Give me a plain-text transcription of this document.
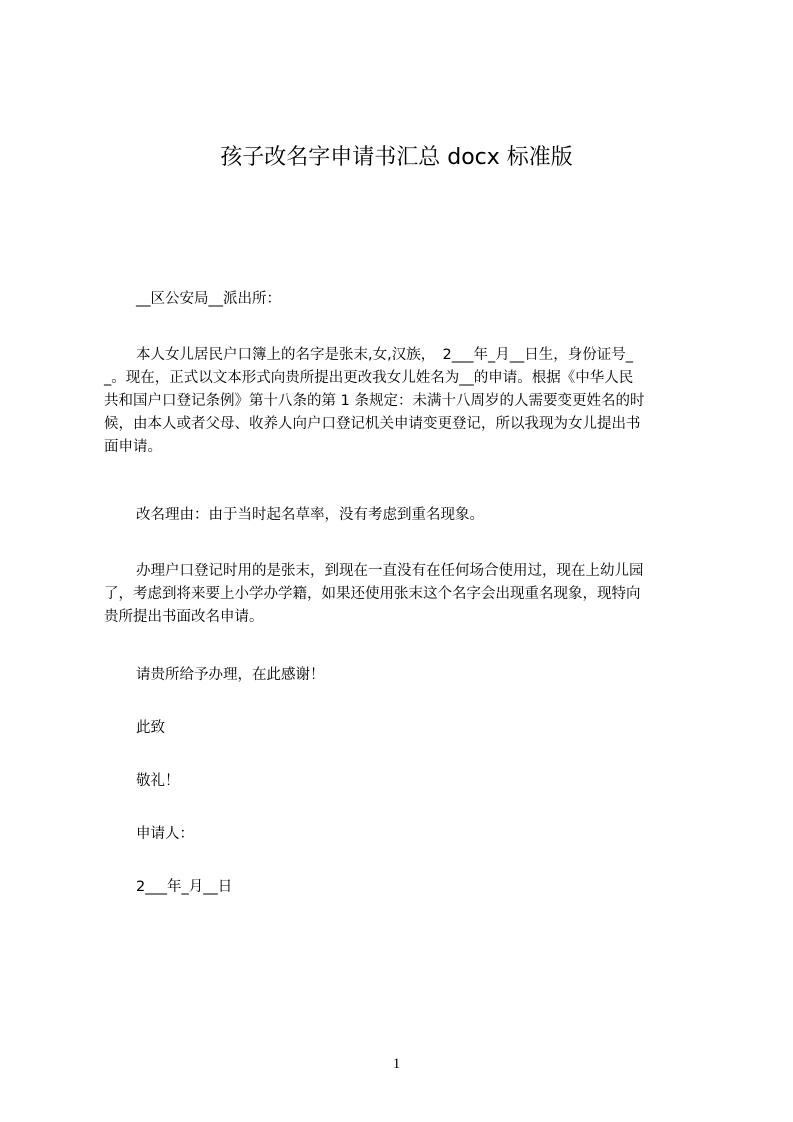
孩子改名字申请书汇总 docx 标准版
__区公安局__派出所：
本人女儿居民户口簿上的名字是张末,女,汉族，　2___年_月__日生，身份证号_
_。现在，正式以文本形式向贵所提出更改我女儿姓名为__的申请。根据《中华人民
共和国户口登记条例》第十八条的第 1 条规定：未满十八周岁的人需要变更姓名的时
候，由本人或者父母、收养人向户口登记机关申请变更登记，所以我现为女儿提出书
面申请。
改名理由：由于当时起名草率，没有考虑到重名现象。
办理户口登记时用的是张末，到现在一直没有在任何场合使用过，现在上幼儿园
了，考虑到将来要上小学办学籍，如果还使用张末这个名字会出现重名现象，现特向
贵所提出书面改名申请。
请贵所给予办理，在此感谢！
此致
敬礼！
申请人：
2___年_月__日
1
